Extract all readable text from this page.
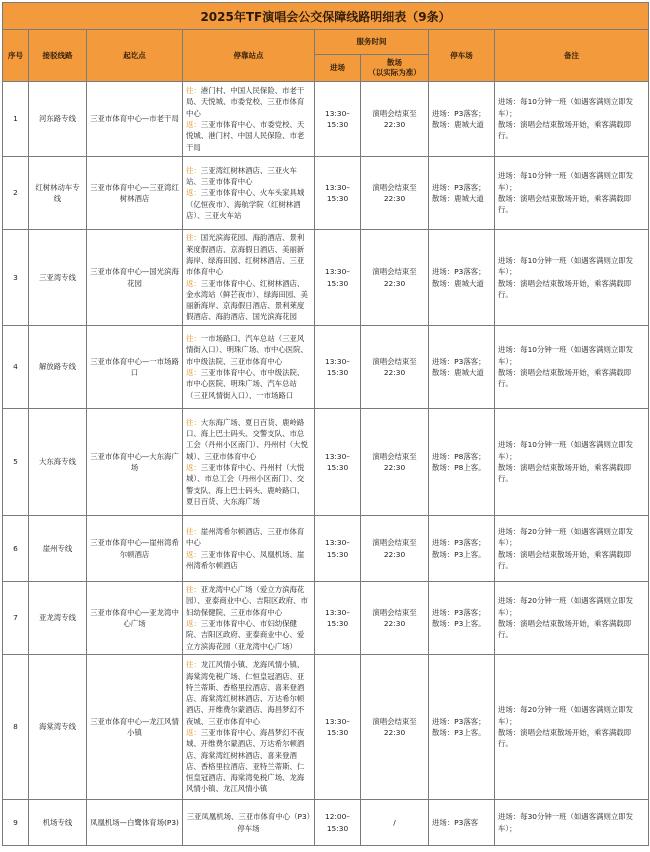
2025年TF演唱会公交保障线路明细表（9条）							
序号	接驳线路	起讫点	停靠站点	服务时间		停车场	备注
				进场	散场
（以实际为准）		

1	河东路专线	三亚市体育中心—市老干局	往：港门村、中国人民保险、市老干局、天悦城、市委党校、三亚市体育中心
返：三亚市体育中心、市委党校、天悦城、港门村、中国人民保险、市老干局	13:30–15:30	演唱会结束至22:30	进场：P3落客；
散场：鹿城大道	进场：每10分钟一班（如遇客满则立即发车）；
散场：演唱会结束散场开始，乘客满载即行。

2	红树林动车专线	三亚市体育中心—三亚湾红树林酒店	往：三亚湾红树林酒店、三亚火车站、三亚市体育中心
返：三亚市体育中心、火车头家具城（亿恒夜市）、海航学院（红树林酒店）、三亚火车站	13:30–15:30	演唱会结束至22:30	进场：P3落客；
散场：鹿城大道	进场：每10分钟一班（如遇客满则立即发车）；
散场：演唱会结束散场开始，乘客满载即行。

3	三亚湾专线	三亚市体育中心—国光滨海花园	往：国光滨海花园、海韵酒店、景利莱度假酒店、京海假日酒店、美丽新海岸、绿海田园、红树林酒店、三亚市体育中心
返：三亚市体育中心、红树林酒店、金水湾站（鲜芒夜市）、绿海田园、美丽新海岸、京海假日酒店、景利莱度假酒店、海韵酒店、国光滨海花园	13:30–15:30	演唱会结束至22:30	进场：P3落客；
散场：鹿城大道	进场：每10分钟一班（如遇客满则立即发车）；
散场：演唱会结束散场开始，乘客满载即行。

4	解放路专线	三亚市体育中心—一市场路口	往：一市场路口、汽车总站（三亚风情街入口）、明珠广场、市中心医院、市中级法院、三亚市体育中心
返：三亚市体育中心、市中级法院、市中心医院、明珠广场、汽车总站（三亚风情街入口）、一市场路口	13:30–15:30	演唱会结束至22:30	进场：P3落客；
散场：鹿城大道	进场：每10分钟一班（如遇客满则立即发车）；
散场：演唱会结束散场开始，乘客满载即行。

5	大东海专线	三亚市体育中心—大东海广场	往：大东海广场、夏日百货、鹿岭路口、海上巴士码头、交警支队、市总工会（丹州小区南门）、丹州村（大悦城）、三亚市体育中心
返：三亚市体育中心、丹州村（大悦城）、市总工会（丹州小区南门）、交警支队、海上巴士码头、鹿岭路口、夏日百货、大东海广场	13:30–15:30	演唱会结束至22:30	进场：P8落客；
散场：P8上客。	进场：每10分钟一班（如遇客满则立即发车）；
散场：演唱会结束散场开始，乘客满载即行。

6	崖州专线	三亚市体育中心—崖州湾希尔顿酒店	往：崖州湾希尔顿酒店、三亚市体育中心
返：三亚市体育中心、凤凰机场、崖州湾希尔顿酒店	13:30–15:30	演唱会结束至22:30	进场：P3落客；
散场：P3上客。	进场：每20分钟一班（如遇客满则立即发车）；
散场：演唱会结束散场开始，乘客满载即行。

7	亚龙湾专线	三亚市体育中心—亚龙湾中心广场	往：亚龙湾中心广场（爱立方滨海花园）、亚泰商业中心、吉阳区政府、市妇幼保健院、三亚市体育中心
返：三亚市体育中心、市妇幼保健院、吉阳区政府、亚泰商业中心、爱立方滨海花园（亚龙湾中心广场）	13:30–15:30	演唱会结束至22:30	进场：P3落客；
散场：P3上客。	进场：每20分钟一班（如遇客满则立即发车）；
散场：演唱会结束散场开始，乘客满载即行。

8	海棠湾专线	三亚市体育中心—龙江风情小镇	往：龙江风情小镇、龙海风情小镇、海棠湾免税广场、仁恒皇冠酒店、亚特兰蒂斯、香格里拉酒店、喜来登酒店、海棠湾红树林酒店、万达希尔顿酒店、开维费尔蒙酒店、海昌梦幻不夜城、三亚市体育中心
返：三亚市体育中心、海昌梦幻不夜城、开维费尔蒙酒店、万达希尔顿酒店、海棠湾红树林酒店、喜来登酒店、香格里拉酒店、亚特兰蒂斯、仁恒皇冠酒店、海棠湾免税广场、龙海风情小镇、龙江风情小镇	13:30–15:30	演唱会结束至22:30	进场：P3落客；
散场：P3上客。	进场：每20分钟一班（如遇客满则立即发车）；
散场：演唱会结束散场开始，乘客满载即行。

9	机场专线	凤凰机场—白鹭体育场(P3)	三亚凤凰机场、三亚市体育中心（P3）停车场	12:00–15:30	/	进场：P3落客	进场：每30分钟一班（如遇客满则立即发车）；
